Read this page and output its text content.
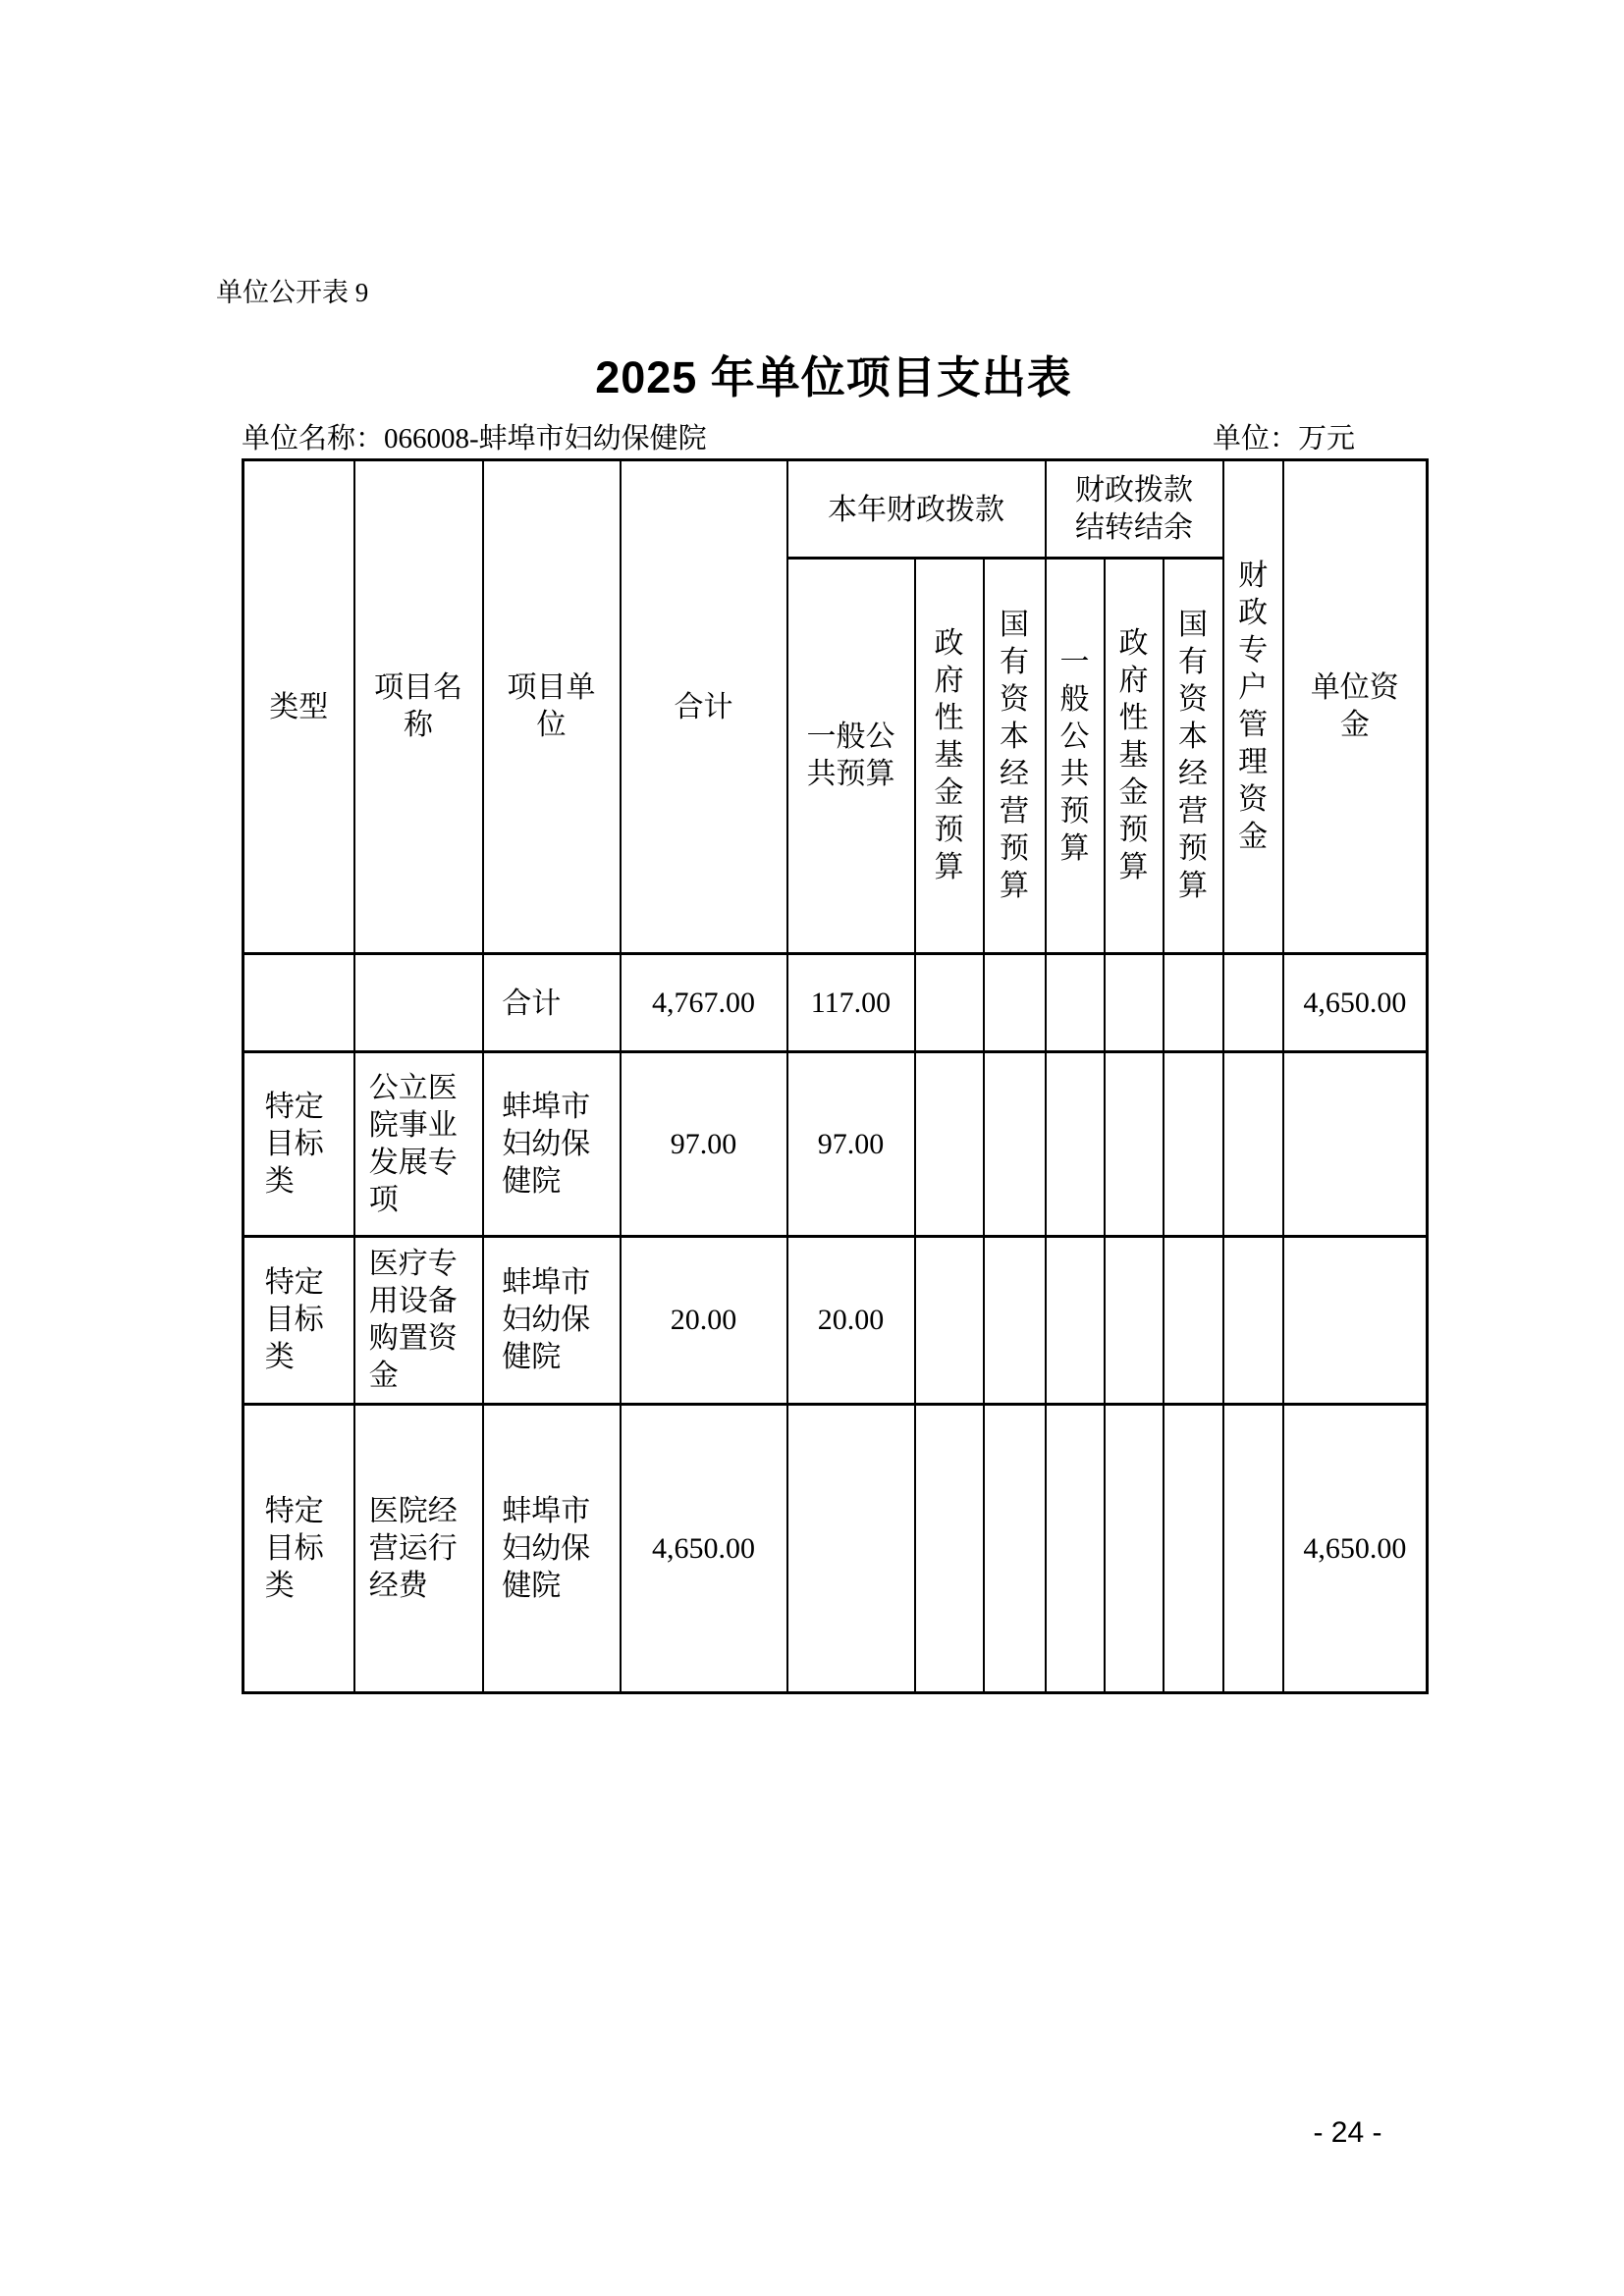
单位公开表 9
2025 年单位项目支出表
单位名称：066008-蚌埠市妇幼保健院	单位：万元
类型	项目名称	项目单位	合计	本年财政拨款			财政拨款结转结余			财政专户管理资金	单位资金
				一般公共预算	政府性基金预算	国有资本经营预算	一般公共预算	政府性基金预算	国有资本经营预算		
		合计	4,767.00	117.00							4,650.00
特定目标类	公立医院事业发展专项	蚌埠市妇幼保健院	97.00	97.00							
特定目标类	医疗专用设备购置资金	蚌埠市妇幼保健院	20.00	20.00							
特定目标类	医院经营运行经费	蚌埠市妇幼保健院	4,650.00								4,650.00
- 24 -
